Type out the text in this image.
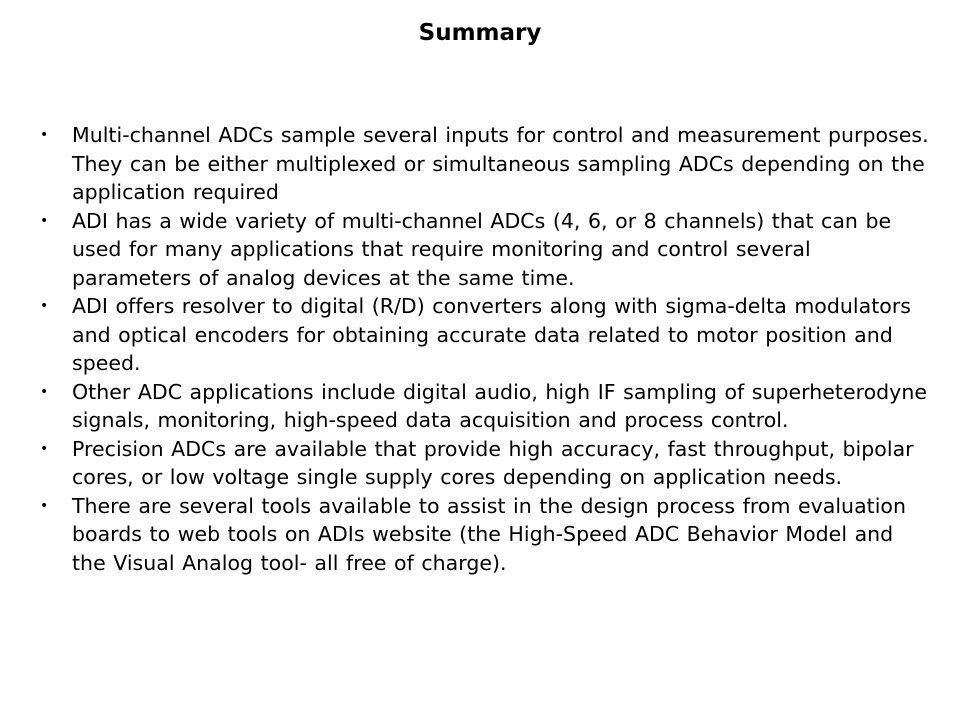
Summary
• Multi-channel ADCs sample several inputs for control and measurement purposes. They can be either multiplexed or simultaneous sampling ADCs depending on the application required
• ADI has a wide variety of multi-channel ADCs (4, 6, or 8 channels) that can be used for many applications that require monitoring and control several parameters of analog devices at the same time.
• ADI offers resolver to digital (R/D) converters along with sigma-delta modulators and optical encoders for obtaining accurate data related to motor position and speed.
• Other ADC applications include digital audio, high IF sampling of superheterodyne signals, monitoring, high-speed data acquisition and process control.
• Precision ADCs are available that provide high accuracy, fast throughput, bipolar cores, or low voltage single supply cores depending on application needs.
• There are several tools available to assist in the design process from evaluation boards to web tools on ADIs website (the High-Speed ADC Behavior Model and the Visual Analog tool- all free of charge).
